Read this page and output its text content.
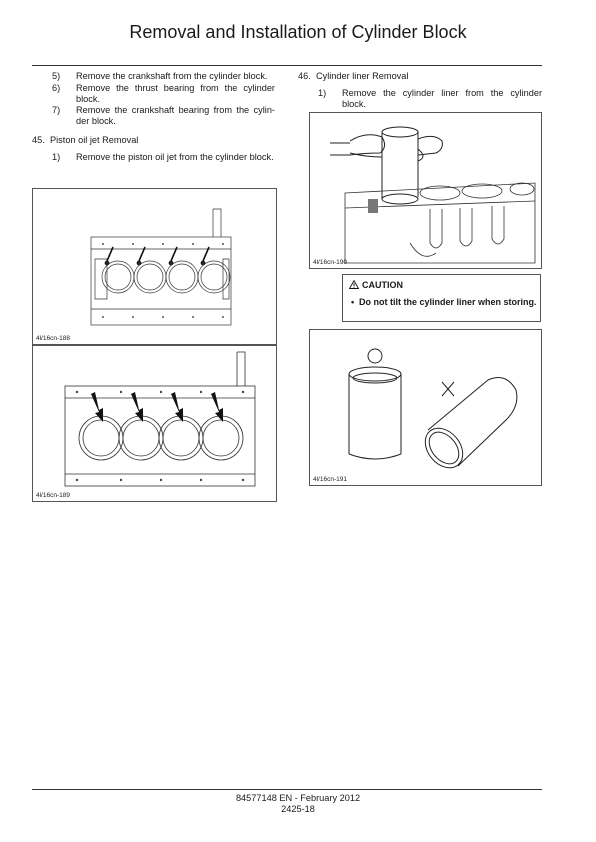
Removal and Installation of Cylinder Block

5) Remove the crankshaft from the cylinder block.

6) Remove the thrust bearing from the cylinder block.

7) Remove the crankshaft bearing from the cylin-der block.

45. Piston oil jet Removal

1) Remove the piston oil jet from the cylinder block.

4l/16cn-188
4l/16cn-189

46. Cylinder liner Removal

1) Remove the cylinder liner from the cylinder block.

4l/16cn-190
CAUTION
• Do not tilt the cylinder liner when storing.
4l/16cn-191
84577148 EN - February 2012
2425-18
